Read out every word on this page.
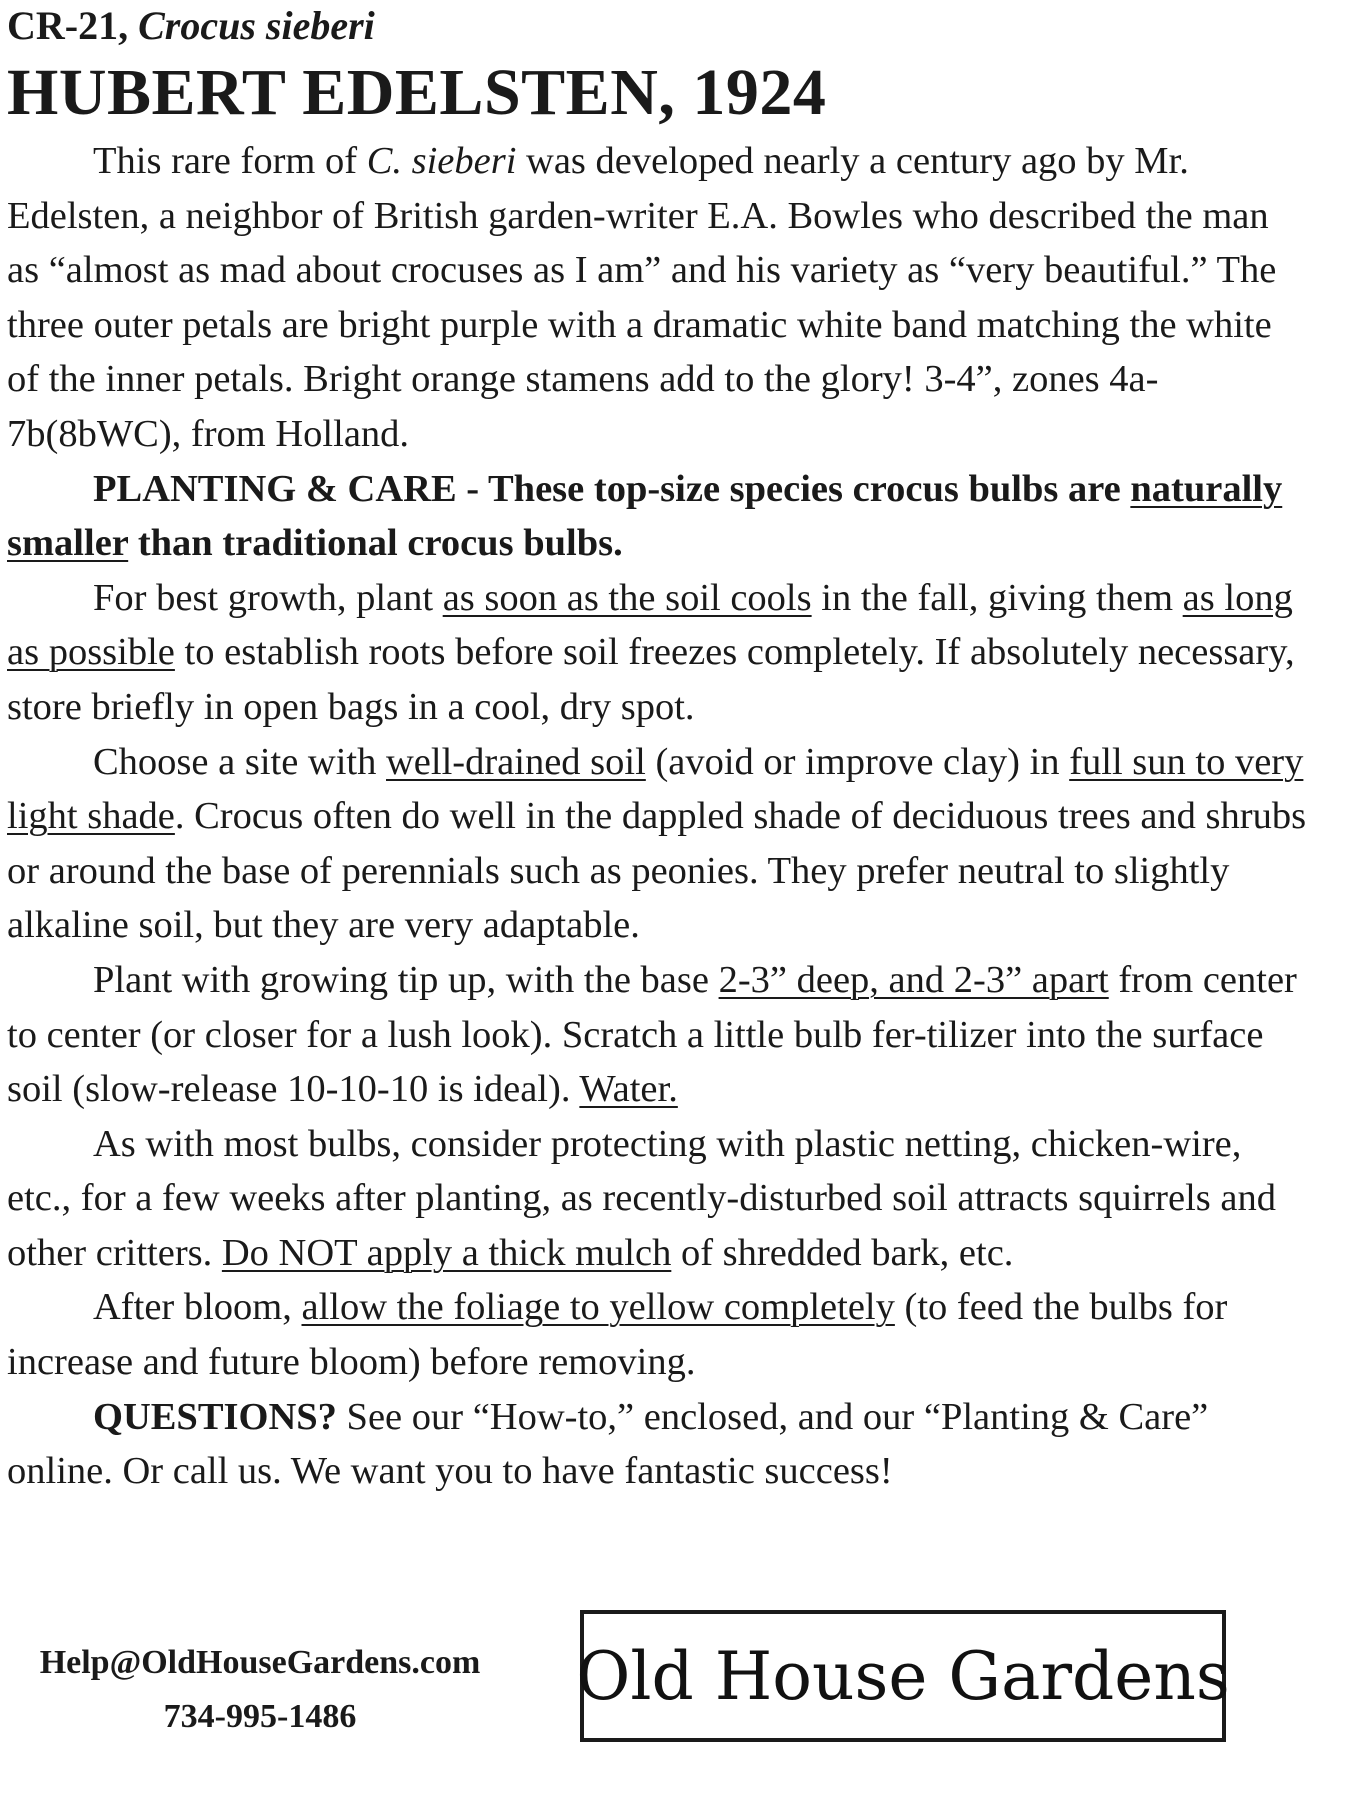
CR-21, Crocus sieberi
HUBERT EDELSTEN, 1924

This rare form of C. sieberi was developed nearly a century ago by Mr. Edelsten, a neighbor of British garden-writer E.A. Bowles who described the man as “almost as mad about crocuses as I am” and his variety as “very beautiful.” The three outer petals are bright purple with a dramatic white band matching the white of the inner petals. Bright orange stamens add to the glory! 3-4”, zones 4a-7b(8bWC), from Holland.

PLANTING & CARE - These top-size species crocus bulbs are naturally smaller than traditional crocus bulbs.

For best growth, plant as soon as the soil cools in the fall, giving them as long as possible to establish roots before soil freezes completely. If absolutely necessary, store briefly in open bags in a cool, dry spot.

Choose a site with well-drained soil (avoid or improve clay) in full sun to very light shade. Crocus often do well in the dappled shade of deciduous trees and shrubs or around the base of perennials such as peonies. They prefer neutral to slightly alkaline soil, but they are very adaptable.

Plant with growing tip up, with the base 2-3” deep, and 2-3” apart from center to center (or closer for a lush look). Scratch a little bulb fer-tilizer into the surface soil (slow-release 10-10-10 is ideal). Water.

As with most bulbs, consider protecting with plastic netting, chicken-wire, etc., for a few weeks after planting, as recently-disturbed soil attracts squirrels and other critters. Do NOT apply a thick mulch of shredded bark, etc.

After bloom, allow the foliage to yellow completely (to feed the bulbs for increase and future bloom) before removing.

QUESTIONS? See our “How-to,” enclosed, and our “Planting & Care” online. Or call us. We want you to have fantastic success!

Help@OldHouseGardens.com
734-995-1486
Old House Gardens
